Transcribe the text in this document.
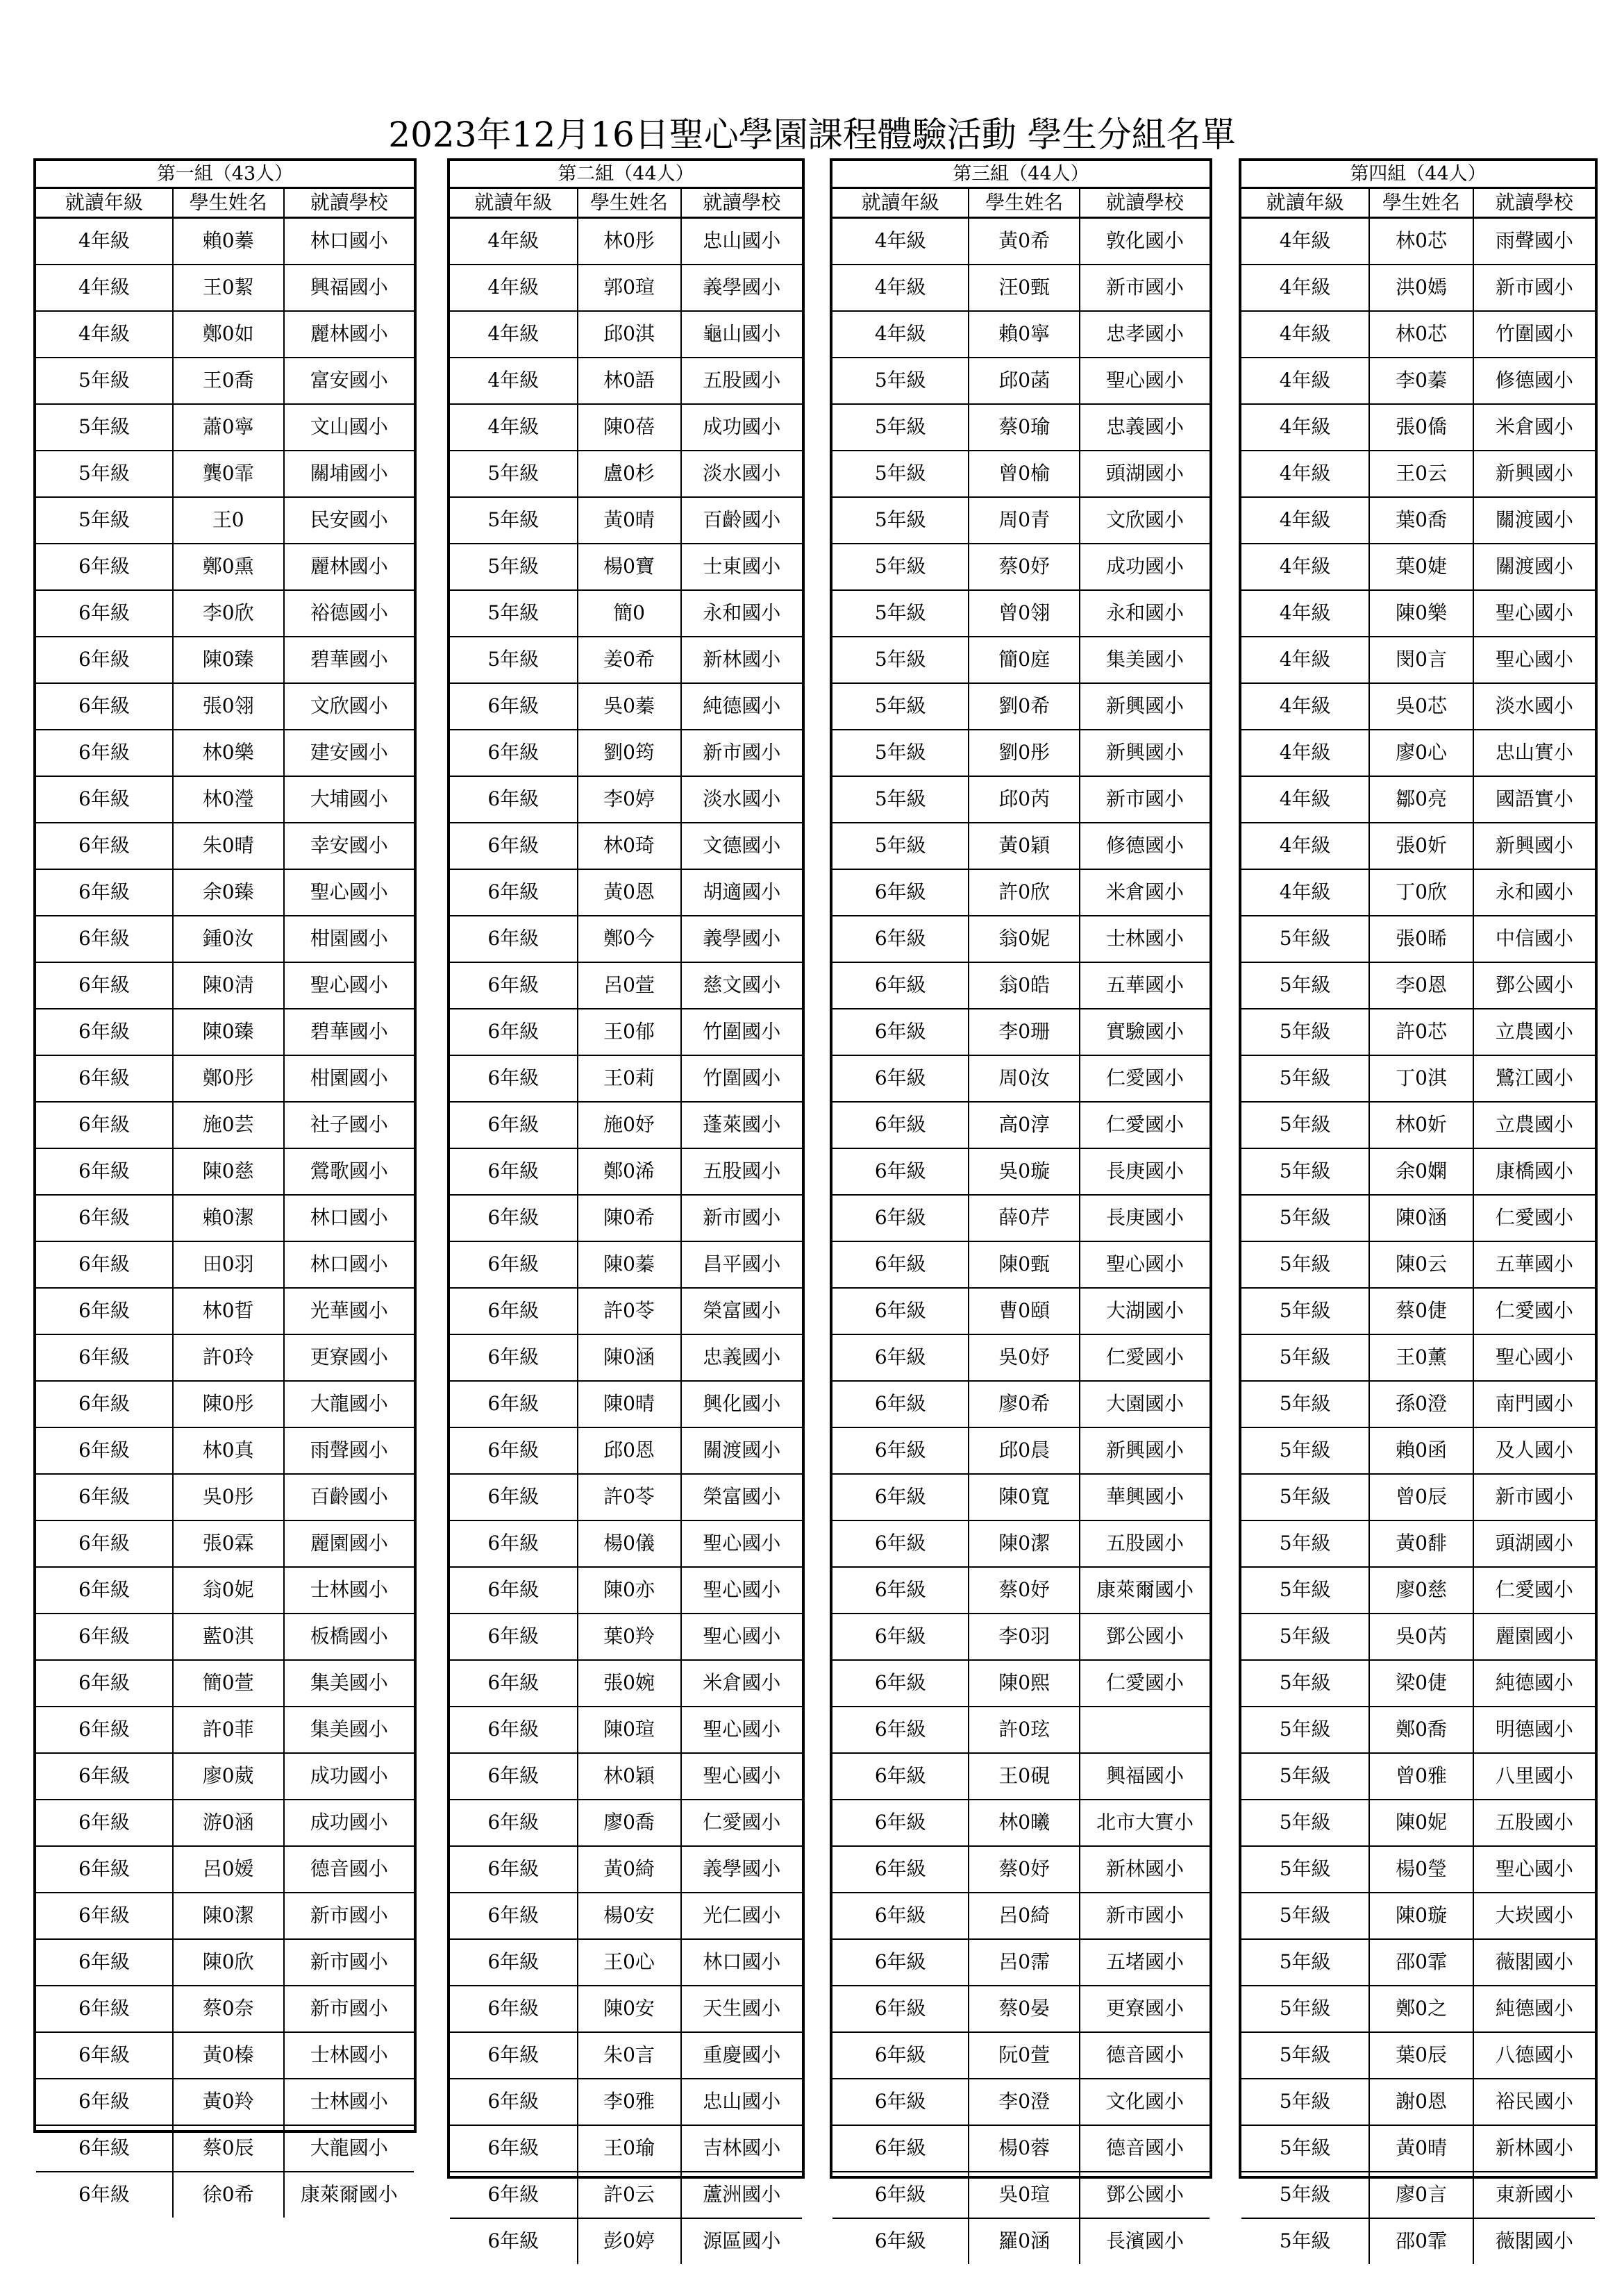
2023年12月16日聖心學園課程體驗活動 學生分組名單
第一組（43人）
就讀年級	學生姓名	就讀學校
4年級	賴0蓁	林口國小
4年級	王0絜	興福國小
4年級	鄭0如	麗林國小
5年級	王0喬	富安國小
5年級	蕭0寧	文山國小
5年級	龔0霏	關埔國小
5年級	王0	民安國小
6年級	鄭0熏	麗林國小
6年級	李0欣	裕德國小
6年級	陳0臻	碧華國小
6年級	張0翎	文欣國小
6年級	林0樂	建安國小
6年級	林0瀅	大埔國小
6年級	朱0晴	幸安國小
6年級	余0臻	聖心國小
6年級	鍾0汝	柑園國小
6年級	陳0淸	聖心國小
6年級	陳0臻	碧華國小
6年級	鄭0彤	柑園國小
6年級	施0芸	社子國小
6年級	陳0慈	鶯歌國小
6年級	賴0潔	林口國小
6年級	田0羽	林口國小
6年級	林0晢	光華國小
6年級	許0玲	更寮國小
6年級	陳0彤	大龍國小
6年級	林0真	雨聲國小
6年級	吳0彤	百齡國小
6年級	張0霖	麗園國小
6年級	翁0妮	士林國小
6年級	藍0淇	板橋國小
6年級	簡0萱	集美國小
6年級	許0菲	集美國小
6年級	廖0葳	成功國小
6年級	游0涵	成功國小
6年級	呂0嫒	德音國小
6年級	陳0潔	新市國小
6年級	陳0欣	新市國小
6年級	蔡0奈	新市國小
6年級	黃0榛	士林國小
6年級	黃0羚	士林國小
6年級	蔡0辰	大龍國小
6年級	徐0希	康萊爾國小
第二組（44人）
就讀年級	學生姓名	就讀學校
4年級	林0彤	忠山國小
4年級	郭0瑄	義學國小
4年級	邱0淇	龜山國小
4年級	林0語	五股國小
4年級	陳0蓓	成功國小
5年級	盧0杉	淡水國小
5年級	黃0晴	百齡國小
5年級	楊0寶	士東國小
5年級	簡0	永和國小
5年級	姜0希	新林國小
6年級	吳0蓁	純德國小
6年級	劉0筠	新市國小
6年級	李0婷	淡水國小
6年級	林0琦	文德國小
6年級	黃0恩	胡適國小
6年級	鄭0今	義學國小
6年級	呂0萱	慈文國小
6年級	王0郁	竹圍國小
6年級	王0莉	竹圍國小
6年級	施0妤	蓬萊國小
6年級	鄭0浠	五股國小
6年級	陳0希	新市國小
6年級	陳0蓁	昌平國小
6年級	許0苓	榮富國小
6年級	陳0涵	忠義國小
6年級	陳0晴	興化國小
6年級	邱0恩	關渡國小
6年級	許0苓	榮富國小
6年級	楊0儀	聖心國小
6年級	陳0亦	聖心國小
6年級	葉0羚	聖心國小
6年級	張0婉	米倉國小
6年級	陳0瑄	聖心國小
6年級	林0穎	聖心國小
6年級	廖0喬	仁愛國小
6年級	黃0綺	義學國小
6年級	楊0安	光仁國小
6年級	王0心	林口國小
6年級	陳0安	天生國小
6年級	朱0言	重慶國小
6年級	李0雅	忠山國小
6年級	王0瑜	吉林國小
6年級	許0云	蘆洲國小
6年級	彭0婷	源區國小
第三組（44人）
就讀年級	學生姓名	就讀學校
4年級	黃0希	敦化國小
4年級	汪0甄	新市國小
4年級	賴0寧	忠孝國小
5年級	邱0菡	聖心國小
5年級	蔡0瑜	忠義國小
5年級	曾0榆	頭湖國小
5年級	周0青	文欣國小
5年級	蔡0妤	成功國小
5年級	曾0翎	永和國小
5年級	簡0庭	集美國小
5年級	劉0希	新興國小
5年級	劉0彤	新興國小
5年級	邱0芮	新市國小
5年級	黃0穎	修德國小
6年級	許0欣	米倉國小
6年級	翁0妮	士林國小
6年級	翁0皓	五華國小
6年級	李0珊	實驗國小
6年級	周0汝	仁愛國小
6年級	高0淳	仁愛國小
6年級	吳0璇	長庚國小
6年級	薛0芹	長庚國小
6年級	陳0甄	聖心國小
6年級	曹0頤	大湖國小
6年級	吳0妤	仁愛國小
6年級	廖0希	大園國小
6年級	邱0晨	新興國小
6年級	陳0寬	華興國小
6年級	陳0潔	五股國小
6年級	蔡0妤	康萊爾國小
6年級	李0羽	鄧公國小
6年級	陳0熙	仁愛國小
6年級	許0玹
6年級	王0硯	興福國小
6年級	林0曦	北市大實小
6年級	蔡0妤	新林國小
6年級	呂0綺	新市國小
6年級	呂0霈	五堵國小
6年級	蔡0晏	更寮國小
6年級	阮0萱	德音國小
6年級	李0澄	文化國小
6年級	楊0蓉	德音國小
6年級	吳0瑄	鄧公國小
6年級	羅0涵	長濱國小
第四組（44人）
就讀年級	學生姓名	就讀學校
4年級	林0芯	雨聲國小
4年級	洪0嫣	新市國小
4年級	林0芯	竹圍國小
4年級	李0蓁	修德國小
4年級	張0僑	米倉國小
4年級	王0云	新興國小
4年級	葉0喬	關渡國小
4年級	葉0婕	關渡國小
4年級	陳0樂	聖心國小
4年級	閔0言	聖心國小
4年級	吳0芯	淡水國小
4年級	廖0心	忠山實小
4年級	鄒0亮	國語實小
4年級	張0妡	新興國小
4年級	丁0欣	永和國小
5年級	張0晞	中信國小
5年級	李0恩	鄧公國小
5年級	許0芯	立農國小
5年級	丁0淇	鷺江國小
5年級	林0妡	立農國小
5年級	余0嫻	康橋國小
5年級	陳0涵	仁愛國小
5年級	陳0云	五華國小
5年級	蔡0倢	仁愛國小
5年級	王0薰	聖心國小
5年級	孫0澄	南門國小
5年級	賴0函	及人國小
5年級	曾0辰	新市國小
5年級	黃0馡	頭湖國小
5年級	廖0慈	仁愛國小
5年級	吳0芮	麗園國小
5年級	梁0倢	純德國小
5年級	鄭0喬	明德國小
5年級	曾0雅	八里國小
5年級	陳0妮	五股國小
5年級	楊0瑩	聖心國小
5年級	陳0璇	大崁國小
5年級	邵0霏	薇閣國小
5年級	鄭0之	純德國小
5年級	葉0辰	八德國小
5年級	謝0恩	裕民國小
5年級	黃0晴	新林國小
5年級	廖0言	東新國小
5年級	邵0霏	薇閣國小
